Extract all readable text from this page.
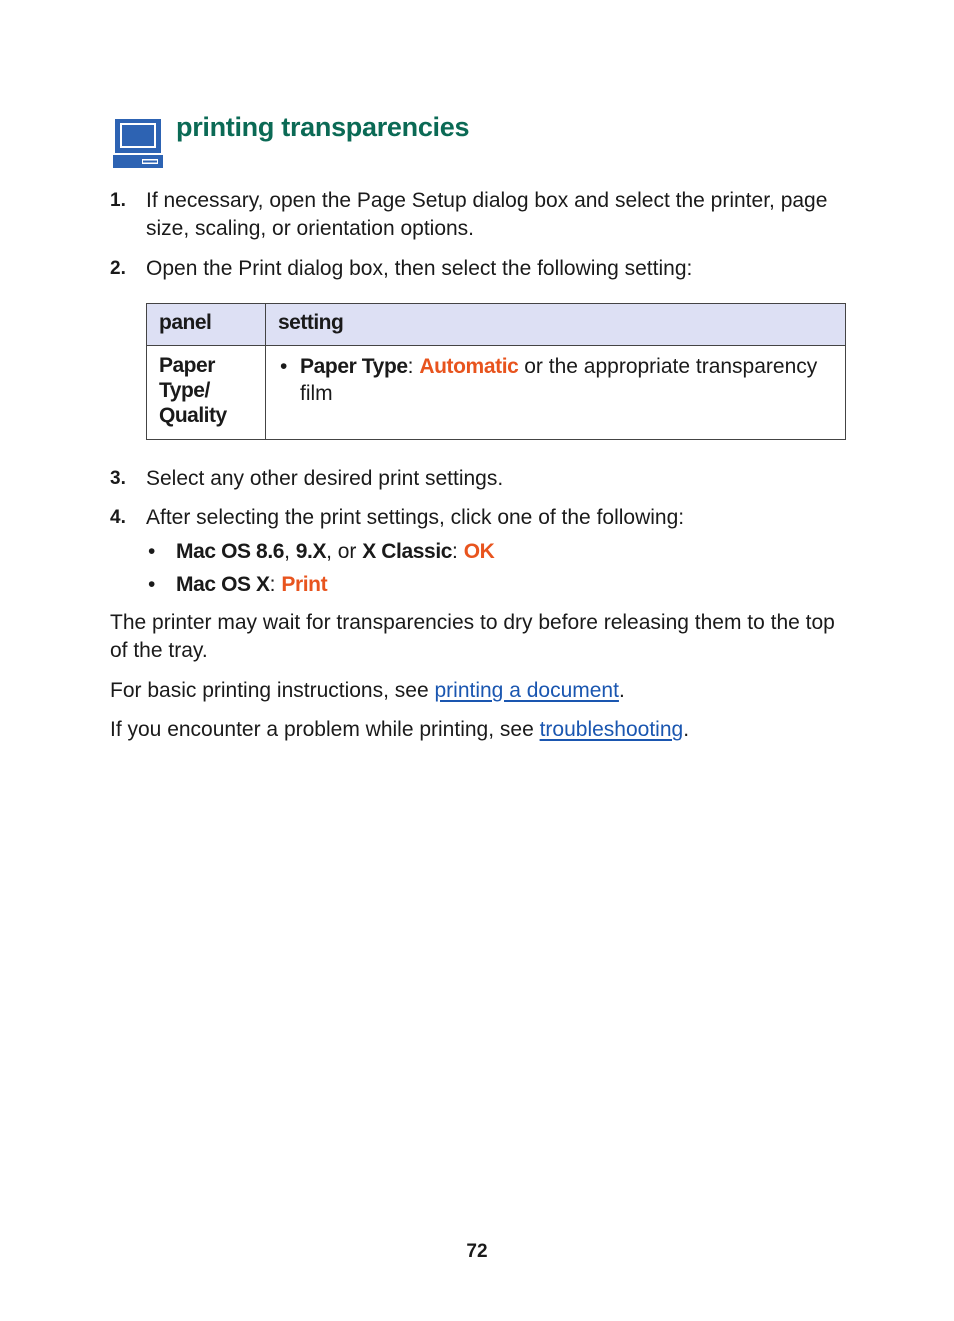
printing transparencies
1. If necessary, open the Page Setup dialog box and select the printer, page size, scaling, or orientation options.
2. Open the Print dialog box, then select the following setting:
panel	setting
Paper
Type/
Quality	• Paper Type: Automatic or the appropriate transparency film
3. Select any other desired print settings.
4. After selecting the print settings, click one of the following:
• Mac OS 8.6, 9.X, or X Classic: OK
• Mac OS X: Print

The printer may wait for transparencies to dry before releasing them to the top of the tray.

For basic printing instructions, see printing a document.

If you encounter a problem while printing, see troubleshooting.

72
